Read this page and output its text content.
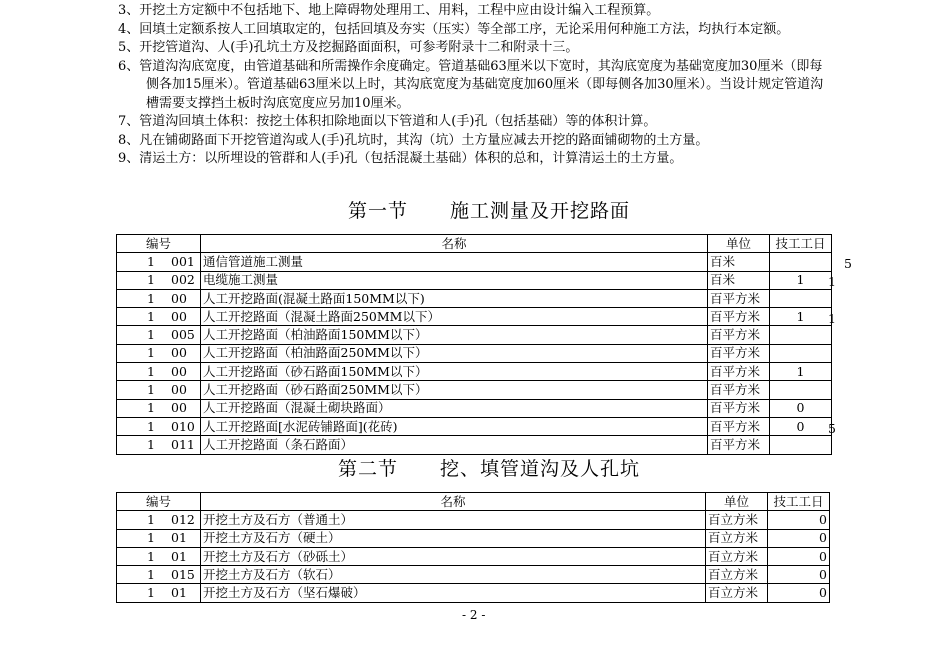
3、开挖土方定额中不包括地下、地上障碍物处理用工、用料，工程中应由设计编入工程预算。
4、回填土定额系按人工回填取定的，包括回填及夯实（压实）等全部工序，无论采用何种施工方法，均执行本定额。
5、开挖管道沟、人(手)孔坑土方及挖掘路面面积，可参考附录十二和附录十三。
6、管道沟沟底宽度，由管道基础和所需操作余度确定。管道基础63厘米以下宽时，其沟底宽度为基础宽度加30厘米（即每
侧各加15厘米）。管道基础63厘米以上时，其沟底宽度为基础宽度加60厘米（即每侧各加30厘米）。当设计规定管道沟
槽需要支撑挡土板时沟底宽度应另加10厘米。
7、管道沟回填土体积：按挖土体积扣除地面以下管道和人(手)孔（包括基础）等的体积计算。
8、凡在铺砌路面下开挖管道沟或人(手)孔坑时，其沟（坑）土方量应减去开挖的路面铺砌物的土方量。
9、清运土方：以所埋设的管群和人(手)孔（包括混凝土基础）体积的总和，计算清运土的土方量。
第一节 施工测量及开挖路面
编号	名称	单位	技工工日
1 001	通信管道施工测量	百米	
1 002	电缆施工测量	百米	1
1 00	人工开挖路面(混凝土路面150MM以下)	百平方米	
1 00	人工开挖路面（混凝土路面250MM以下）	百平方米	1
1 005	人工开挖路面（柏油路面150MM以下）	百平方米	
1 00	人工开挖路面（柏油路面250MM以下）	百平方米	
1 00	人工开挖路面（砂石路面150MM以下）	百平方米	1
1 00	人工开挖路面（砂石路面250MM以下）	百平方米	
1 00	人工开挖路面（混凝土砌块路面）	百平方米	0
1 010	人工开挖路面[水泥砖铺路面](花砖)	百平方米	0
1 011	人工开挖路面（条石路面）	百平方米	
第二节 挖、填管道沟及人孔坑
编号	名称	单位	技工工日
1 012	开挖土方及石方（普通土）	百立方米	0
1 01	开挖土方及石方（硬土）	百立方米	0
1 01	开挖土方及石方（砂砾土）	百立方米	0
1 015	开挖土方及石方（软石）	百立方米	0
1 01	开挖土方及石方（坚石爆破）	百立方米	0
- 2 -
5
1
1
5
